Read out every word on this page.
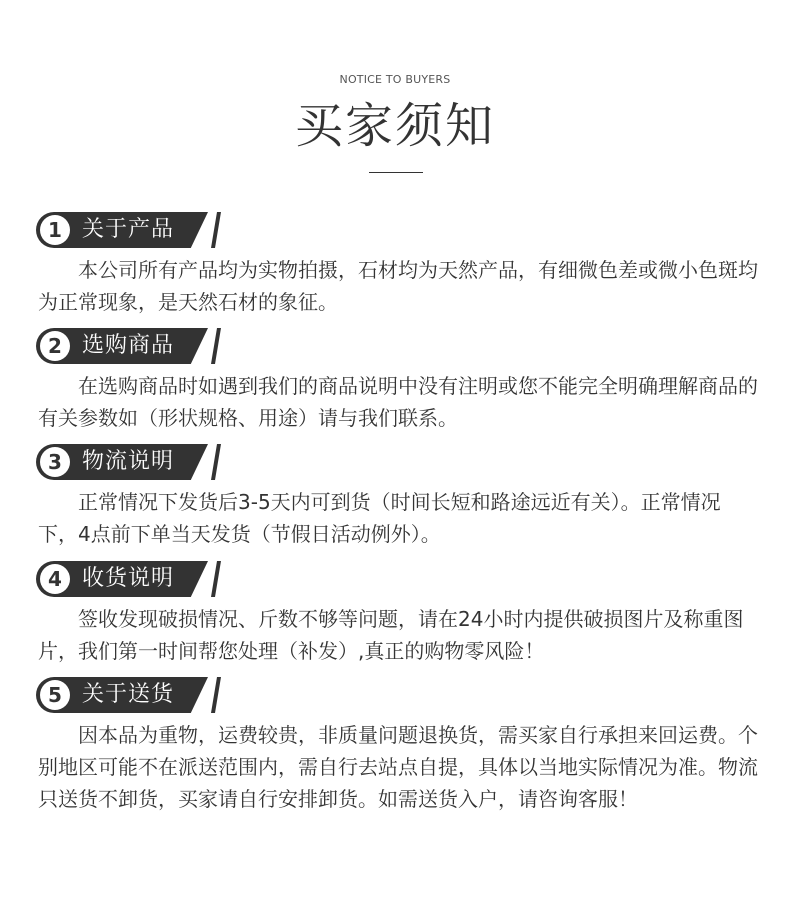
NOTICE TO BUYERS
买家须知
1 关于产品
本公司所有产品均为实物拍摄，石材均为天然产品，有细微色差或微小色斑均为正常现象，是天然石材的象征。
2 选购商品
在选购商品时如遇到我们的商品说明中没有注明或您不能完全明确理解商品的有关参数如（形状规格、用途）请与我们联系。
3 物流说明
正常情况下发货后3-5天内可到货（时间长短和路途远近有关）。正常情况下，4点前下单当天发货（节假日活动例外）。
4 收货说明
签收发现破损情况、斤数不够等问题，请在24小时内提供破损图片及称重图片，我们第一时间帮您处理（补发）,真正的购物零风险！
5 关于送货
因本品为重物，运费较贵，非质量问题退换货，需买家自行承担来回运费。个别地区可能不在派送范围内，需自行去站点自提，具体以当地实际情况为准。物流只送货不卸货，买家请自行安排卸货。如需送货入户，请咨询客服！
